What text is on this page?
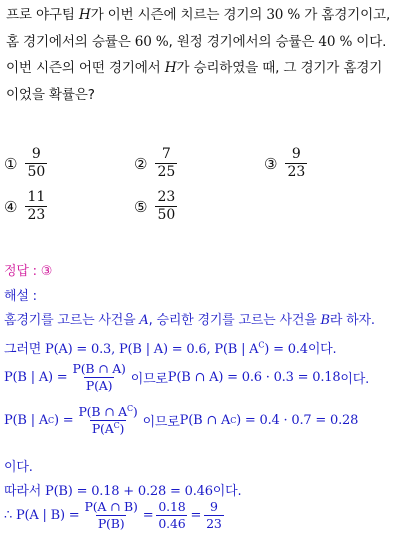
프로 야구팀 H가 이번 시즌에 치르는 경기의 30 % 가 홈경기이고,
홈 경기에서의 승률은 60 %, 원정 경기에서의 승률은 40 % 이다.
이번 시즌의 어떤 경기에서 H가 승리하였을 때, 그 경기가 홈경기
이었을 확률은?
① $\frac{9}{50}$	② $\frac{7}{25}$	③ $\frac{9}{23}$
④ $\frac{11}{23}$	⑤ $\frac{23}{50}$
정답 : ③
해설 :
홈경기를 고르는 사건을 A, 승리한 경기를 고르는 사건을 B라 하자.
그러면 P(A) = 0.3, P(B | A) = 0.6, P(B | $A^C) = 0.4$이다.
P(B | $A) = \frac{P(B \cap A)}{P(A)}$ 이므로 P(B ∩ A) = 0.6 · 0.3 = 0.18 이다.
P(B | A C ) = $\frac{P(B \cap A^C)}{P(A^C)}$ 이므로 P(B ∩ A C ) = 0.4 · 0.7 = 0.28
이다.
따라서 P(B) = 0.18 + 0.28 = 0.46이다.
∴ P(A | $B) = \frac{P(A \cap B)}{P(B)} = \frac{0.18}{0.46} = \frac{9}{23}$
